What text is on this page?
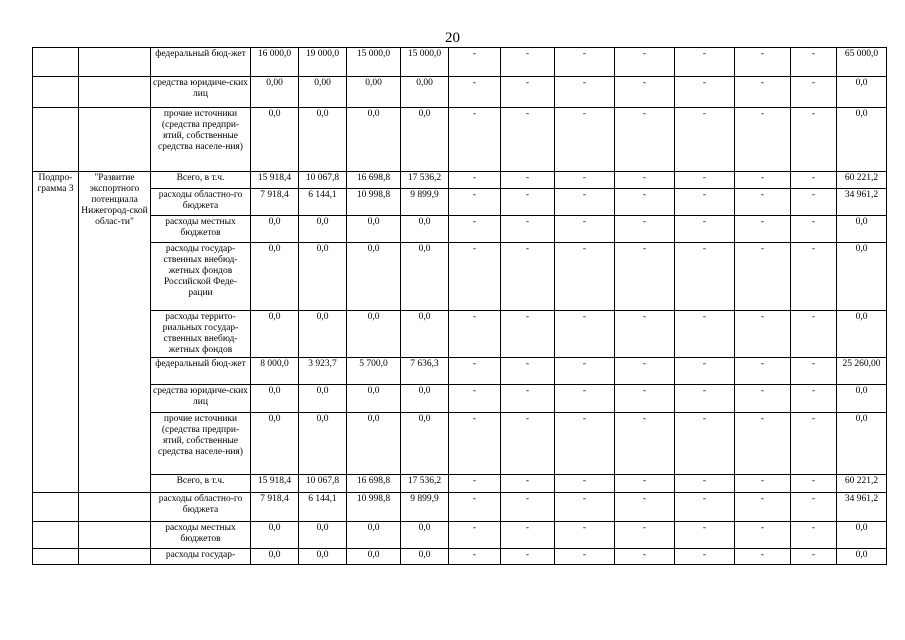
20
		федеральный бюд-жет	16 000,0	19 000,0	15 000,0	15 000,0	-	-	-	-	-	-	-	65 000,0
		средства юридиче-ских лиц	0,00	0,00	0,00	0,00	-	-	-	-	-	-	-	0,0
		прочие источники (средства предпри-ятий, собственные средства населе-ния)	0,0	0,0	0,0	0,0	-	-	-	-	-	-	-	0,0
Подпро-грамма 3	"Развитие экспортного потенциала Нижегород-ской облас-ти"	Всего, в т.ч.	15 918,4	10 067,8	16 698,8	17 536,2	-	-	-	-	-	-	-	60 221,2
		расходы областно-го бюджета	7 918,4	6 144,1	10 998,8	9 899,9	-	-	-	-	-	-	-	34 961,2
		расходы местных бюджетов	0,0	0,0	0,0	0,0	-	-	-	-	-	-	-	0,0
		расходы государ-ственных внебюд-жетных фондов Российской Феде-рации	0,0	0,0	0,0	0,0	-	-	-	-	-	-	-	0,0
		расходы террито-риальных государ-ственных внебюд-жетных фондов	0,0	0,0	0,0	0,0	-	-	-	-	-	-	-	0,0
		федеральный бюд-жет	8 000,0	3 923,7	5 700,0	7 636,3	-	-	-	-	-	-	-	25 260,00
		средства юридиче-ских лиц	0,0	0,0	0,0	0,0	-	-	-	-	-	-	-	0,0
		прочие источники (средства предпри-ятий, собственные средства населе-ния)	0,0	0,0	0,0	0,0	-	-	-	-	-	-	-	0,0
		Всего, в т.ч.	15 918,4	10 067,8	16 698,8	17 536,2	-	-	-	-	-	-	-	60 221,2
		расходы областно-го бюджета	7 918,4	6 144,1	10 998,8	9 899,9	-	-	-	-	-	-	-	34 961,2
		расходы местных бюджетов	0,0	0,0	0,0	0,0	-	-	-	-	-	-	-	0,0
		расходы государ-	0,0	0,0	0,0	0,0	-	-	-	-	-	-	-	0,0
